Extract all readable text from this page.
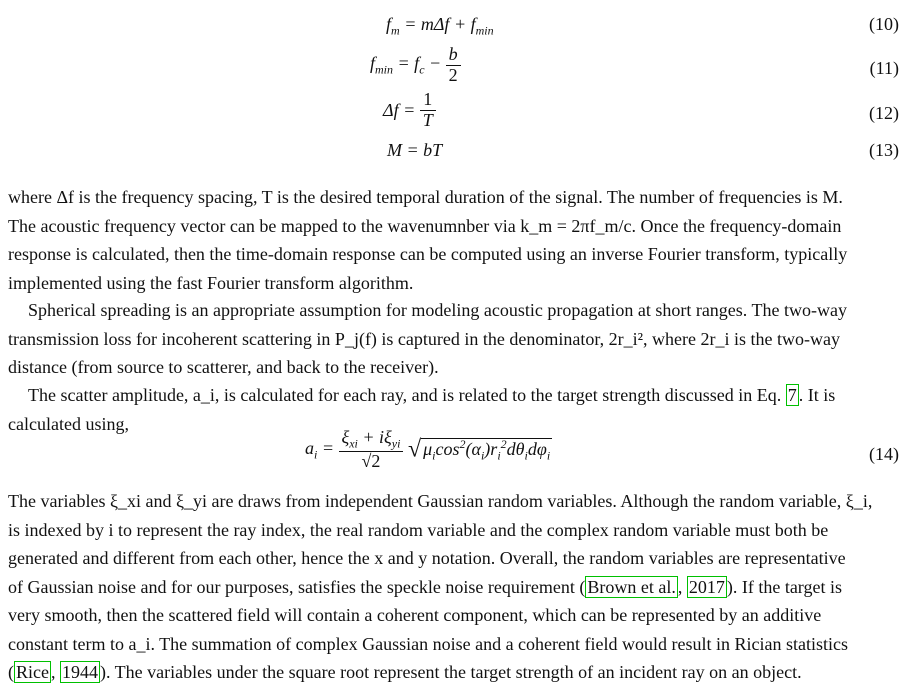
$f_m = m\Delta f + f_{min}$	(10)
$f_{min} = f_c - \frac{b}{2}$	(11)
$\Delta f = \frac{1}{T}$	(12)
M = bT	(13)
where Δf is the frequency spacing, T is the desired temporal duration of the signal. The number of frequencies is M.
The acoustic frequency vector can be mapped to the wavenumnber via k_m = 2πf_m/c. Once the frequency-domain
response is calculated, then the time-domain response can be computed using an inverse Fourier transform, typically
implemented using the fast Fourier transform algorithm.
Spherical spreading is an appropriate assumption for modeling acoustic propagation at short ranges. The two-way
transmission loss for incoherent scattering in P_j(f) is captured in the denominator, 2r_i², where 2r_i is the two-way
distance (from source to scatterer, and back to the receiver).
The scatter amplitude, a_i, is calculated for each ray, and is related to the target strength discussed in Eq. 7 . It is
calculated using,
$a_i = \frac{\xi_{xi} + i\xi_{yi}}{√2}$ √ $\mu_i\cos^2(\alpha_i)r_i^2d\theta_id\varphi_i$	(14)
The variables ξ_xi and ξ_yi are draws from independent Gaussian random variables. Although the random variable, ξ_i,
is indexed by i to represent the ray index, the real random variable and the complex random variable must both be
generated and different from each other, hence the x and y notation. Overall, the random variables are representative
of Gaussian noise and for our purposes, satisfies the speckle noise requirement ( Brown et al. , 2017 ). If the target is
very smooth, then the scattered field will contain a coherent component, which can be represented by an additive
constant term to a_i. The summation of complex Gaussian noise and a coherent field would result in Rician statistics
( Rice , 1944 ). The variables under the square root represent the target strength of an incident ray on an object.
